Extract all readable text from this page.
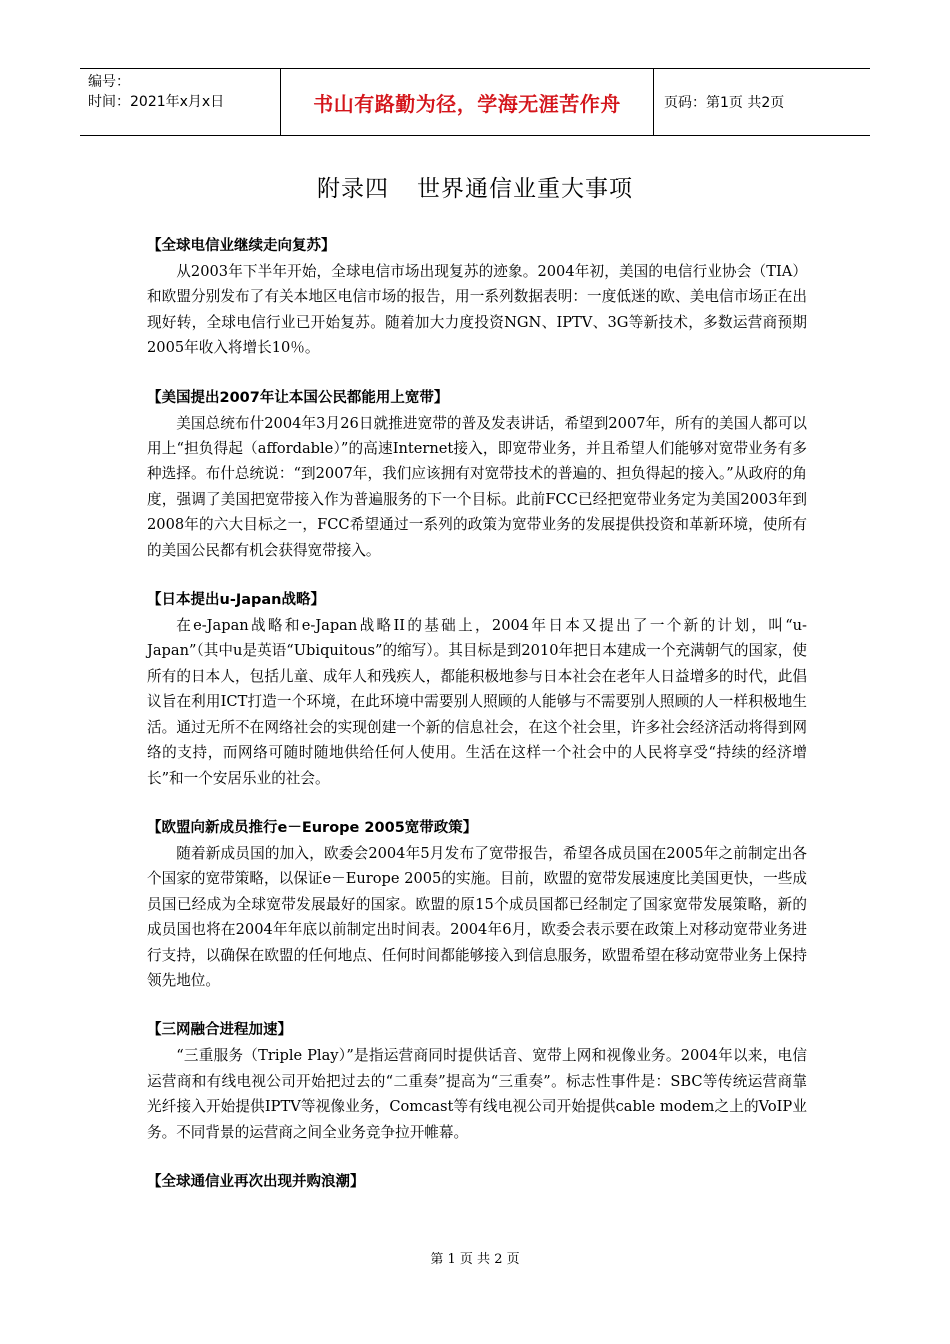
编号：
时间：2021年x月x日	书山有路勤为径，学海无涯苦作舟	页码：第1页 共2页
附录四 世界通信业重大事项
【全球电信业继续走向复苏】

从2003年下半年开始，全球电信市场出现复苏的迹象。2004年初，美国的电信行业协会（TIA）和欧盟分别发布了有关本地区电信市场的报告，用一系列数据表明：一度低迷的欧、美电信市场正在出现好转，全球电信行业已开始复苏。随着加大力度投资NGN、IPTV、3G等新技术，多数运营商预期2005年收入将增长10％。

【美国提出2007年让本国公民都能用上宽带】

美国总统布什2004年3月26日就推进宽带的普及发表讲话，希望到2007年，所有的美国人都可以用上“担负得起（affordable）”的高速Internet接入，即宽带业务，并且希望人们能够对宽带业务有多种选择。布什总统说：“到2007年，我们应该拥有对宽带技术的普遍的、担负得起的接入。”从政府的角度，强调了美国把宽带接入作为普遍服务的下一个目标。此前FCC已经把宽带业务定为美国2003年到2008年的六大目标之一，FCC希望通过一系列的政策为宽带业务的发展提供投资和革新环境，使所有的美国公民都有机会获得宽带接入。

【日本提出u-Japan战略】

在e-Japan战略和e-Japan战略II的基础上，2004年日本又提出了一个新的计划，叫“u-Japan”（其中u是英语“Ubiquitous”的缩写）。其目标是到2010年把日本建成一个充满朝气的国家，使所有的日本人，包括儿童、成年人和残疾人，都能积极地参与日本社会在老年人日益增多的时代，此倡议旨在利用ICT打造一个环境，在此环境中需要别人照顾的人能够与不需要别人照顾的人一样积极地生活。通过无所不在网络社会的实现创建一个新的信息社会，在这个社会里，许多社会经济活动将得到网络的支持，而网络可随时随地供给任何人使用。生活在这样一个社会中的人民将享受“持续的经济增长”和一个安居乐业的社会。

【欧盟向新成员推行e－Europe 2005宽带政策】

随着新成员国的加入，欧委会2004年5月发布了宽带报告，希望各成员国在2005年之前制定出各个国家的宽带策略，以保证e－Europe 2005的实施。目前，欧盟的宽带发展速度比美国更快，一些成员国已经成为全球宽带发展最好的国家。欧盟的原15个成员国都已经制定了国家宽带发展策略，新的成员国也将在2004年年底以前制定出时间表。2004年6月，欧委会表示要在政策上对移动宽带业务进行支持，以确保在欧盟的任何地点、任何时间都能够接入到信息服务，欧盟希望在移动宽带业务上保持领先地位。

【三网融合进程加速】

“三重服务（Triple Play）”是指运营商同时提供话音、宽带上网和视像业务。2004年以来，电信运营商和有线电视公司开始把过去的“二重奏”提高为“三重奏”。标志性事件是：SBC等传统运营商靠光纤接入开始提供IPTV等视像业务，Comcast等有线电视公司开始提供cable modem之上的VoIP业务。不同背景的运营商之间全业务竞争拉开帷幕。

【全球通信业再次出现并购浪潮】
第 1 页 共 2 页
